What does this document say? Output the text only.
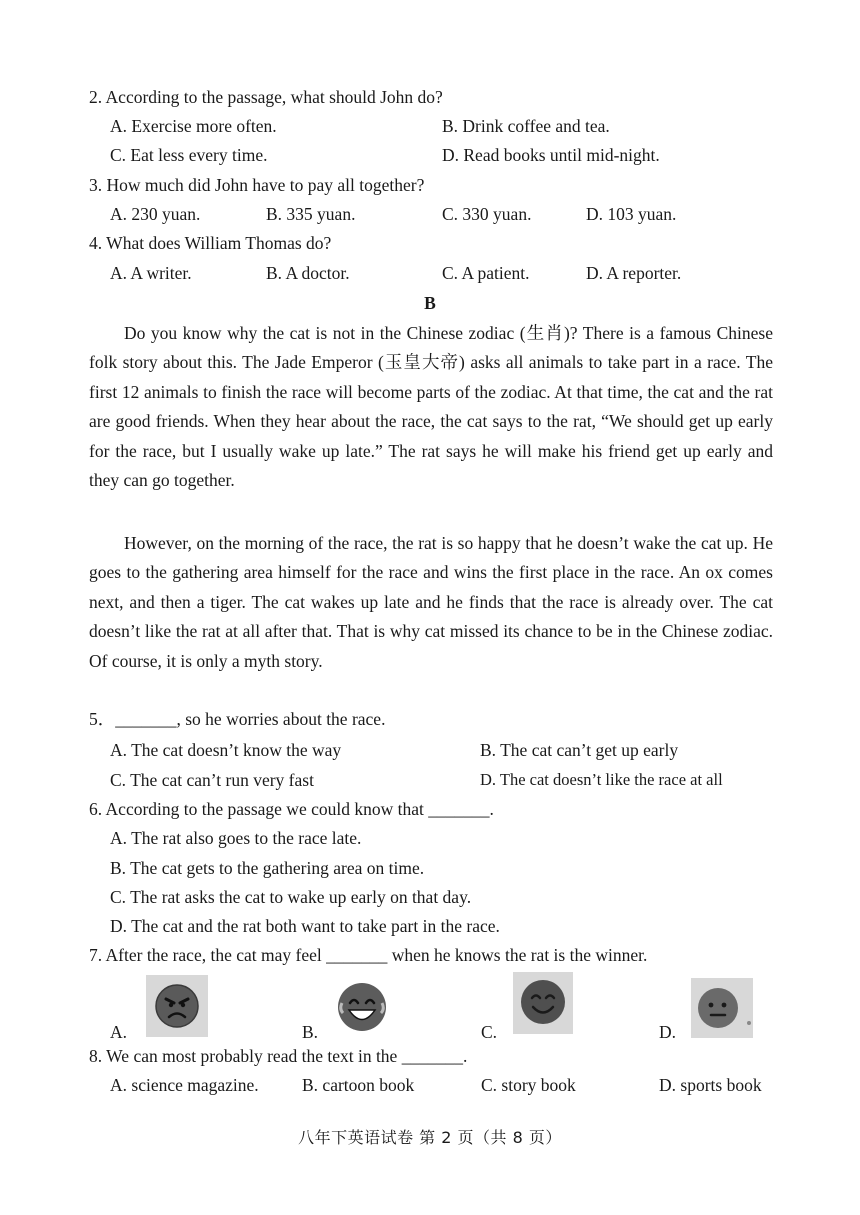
2. According to the passage, what should John do?
A. Exercise more often.	B. Drink coffee and tea.
C. Eat less every time.	D. Read books until mid-night.
3. How much did John have to pay all together?
A. 230 yuan.	B. 335 yuan.	C. 330 yuan.	D. 103 yuan.
4. What does William Thomas do?
A. A writer.	B. A doctor.	C. A patient.	D. A reporter.
B
Do you know why the cat is not in the Chinese zodiac (生肖)? There is a famous Chinese folk story about this. The Jade Emperor (玉皇大帝) asks all animals to take part in a race. The first 12 animals to finish the race will become parts of the zodiac. At that time, the cat and the rat are good friends. When they hear about the race, the cat says to the rat, “We should get up early for the race, but I usually wake up late.” The rat says he will make his friend get up early and they can go together.
However, on the morning of the race, the rat is so happy that he doesn’t wake the cat up. He goes to the gathering area himself for the race and wins the first place in the race. An ox comes next, and then a tiger. The cat wakes up late and he finds that the race is already over. The cat doesn’t like the rat at all after that. That is why cat missed its chance to be in the Chinese zodiac. Of course, it is only a myth story.
5．_______, so he worries about the race.
A. The cat doesn’t know the way	B. The cat can’t get up early
C. The cat can’t run very fast	D. The cat doesn’t like the race at all
6. According to the passage we could know that _______.
A. The rat also goes to the race late.
B. The cat gets to the gathering area on time.
C. The rat asks the cat to wake up early on that day.
D. The cat and the rat both want to take part in the race.
7. After the race, the cat may feel _______ when he knows the rat is the winner.
A.	B.	C.	D.
8. We can most probably read the text in the _______.
A. science magazine. B. cartoon book	C. story book	D. sports book
八年下英语试卷 第 2 页（共 8 页）
